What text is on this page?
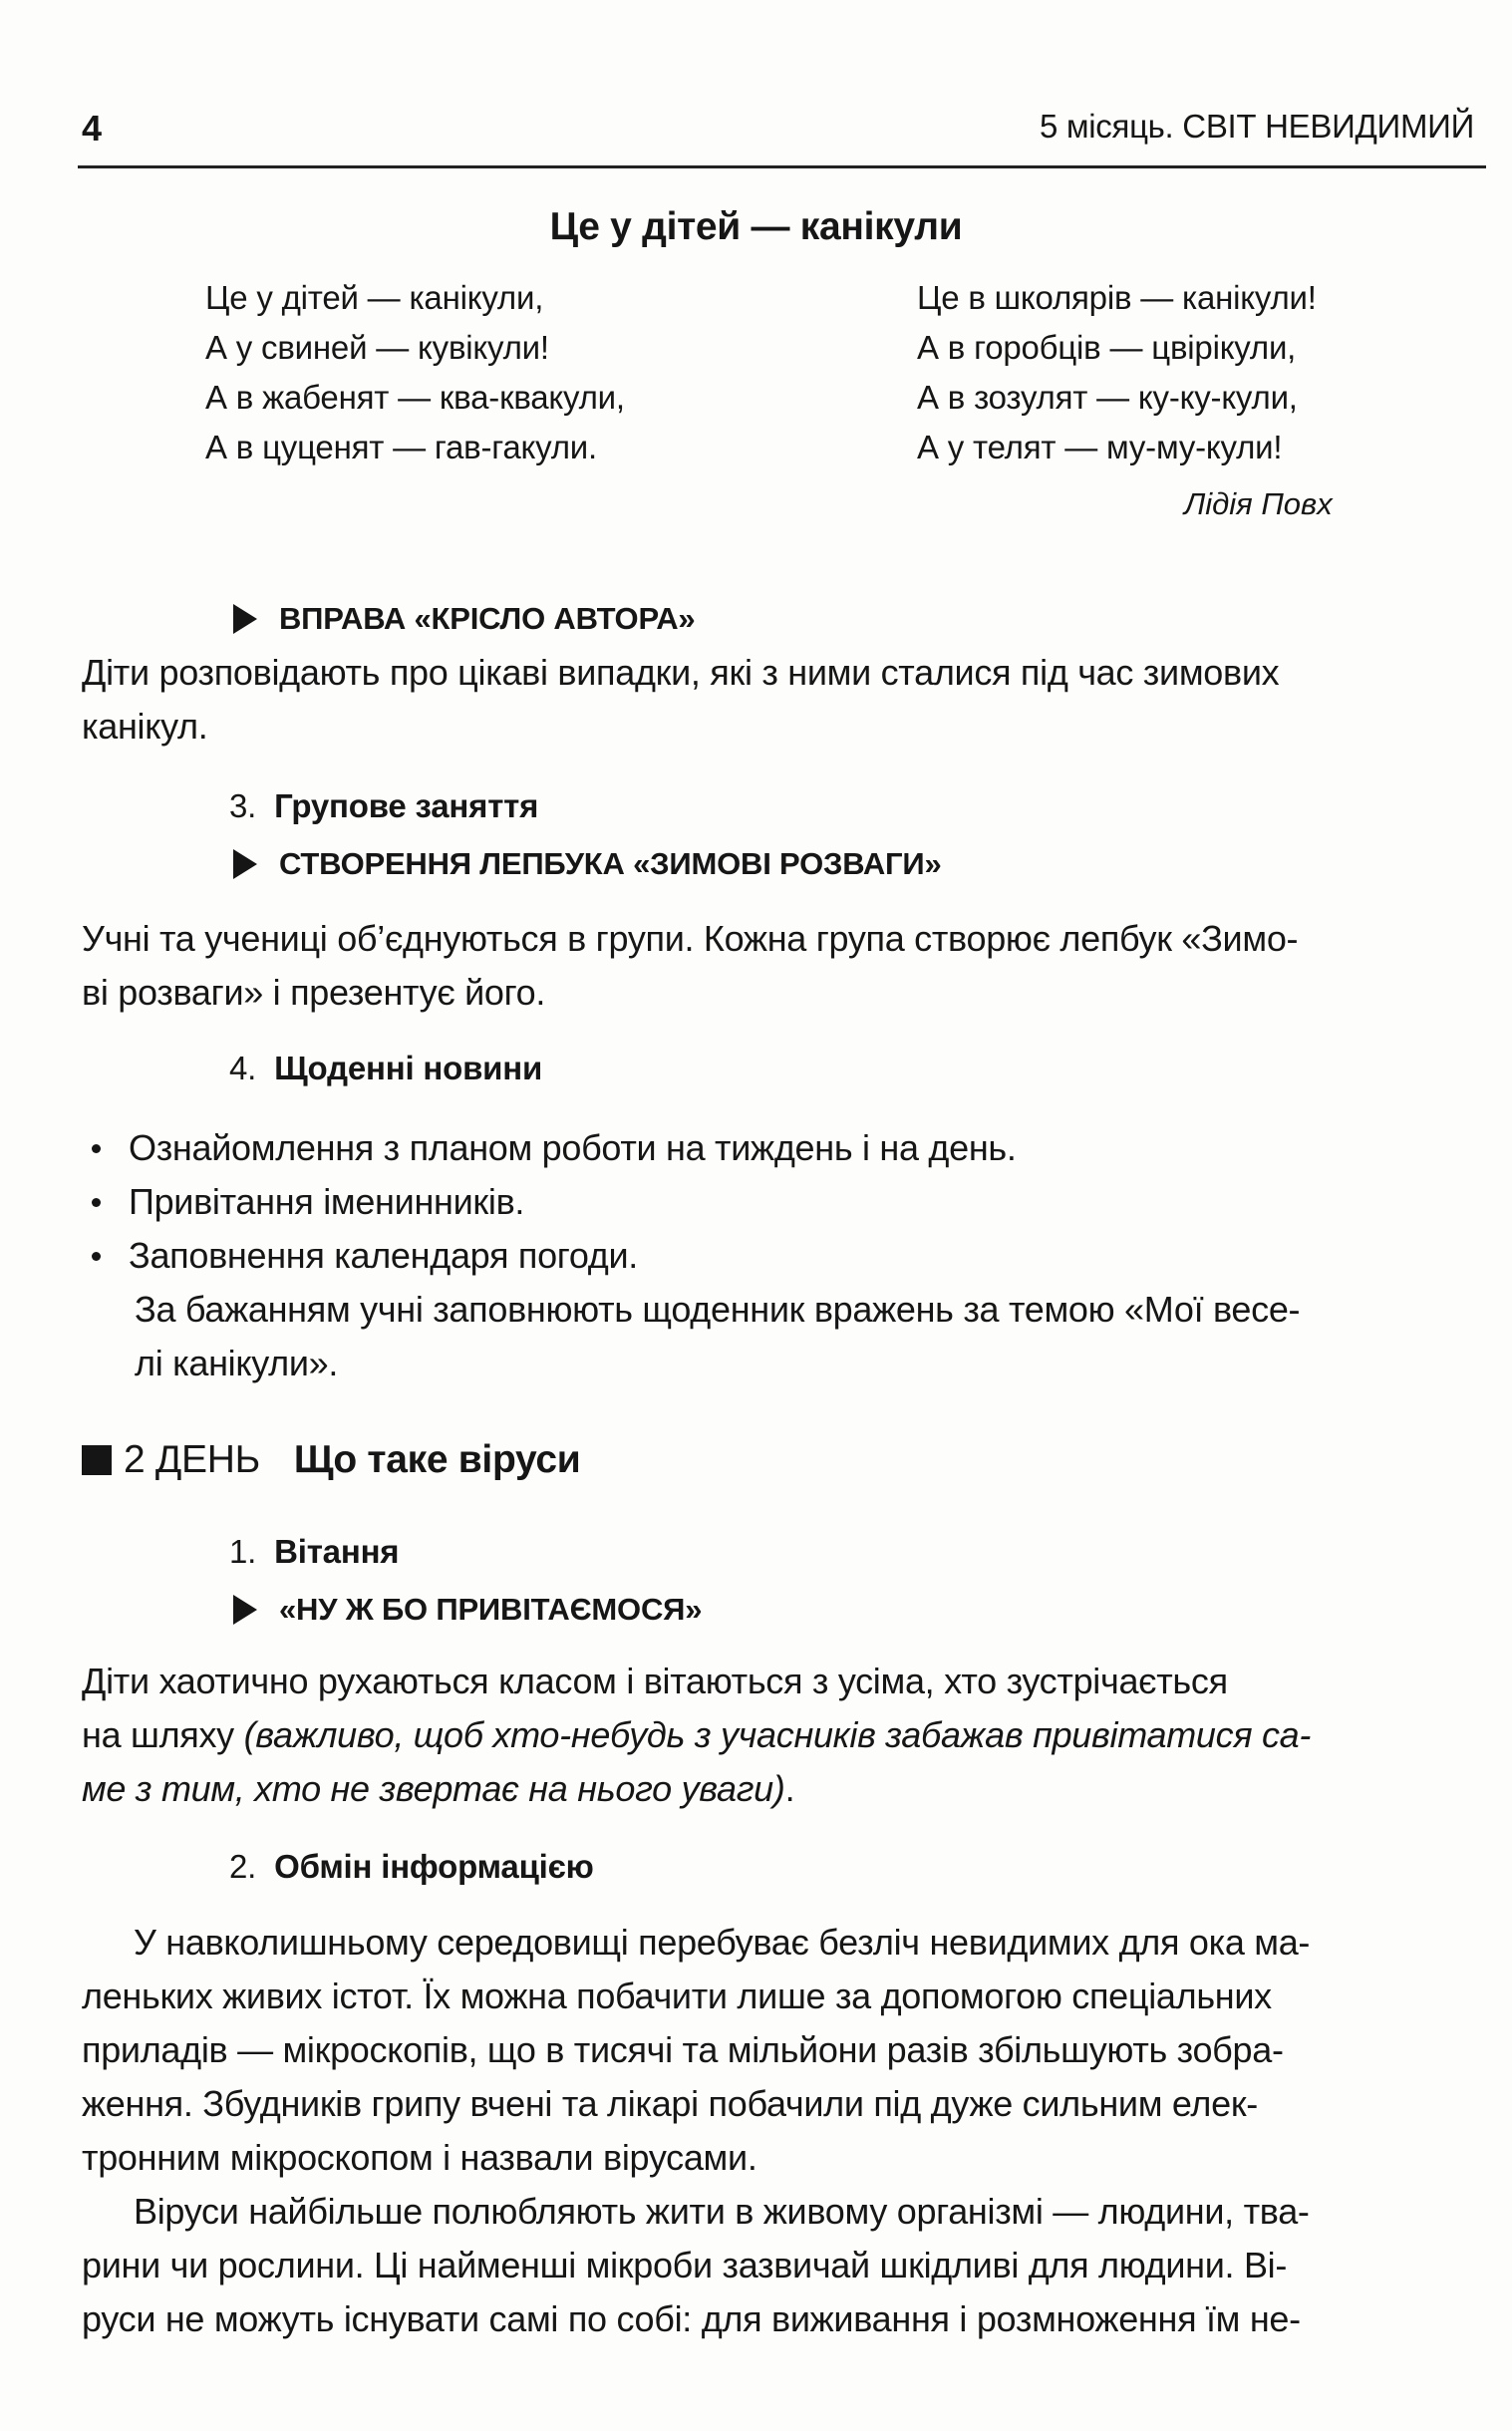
4	5 місяць. СВІТ НЕВИДИМИЙ
Це у дітей — канікули
Це у дітей — канікули,
А у свиней — кувікули!
А в жабенят — ква-квакули,
А в цуценят — гав-гакули.
Це в школярів — канікули!
А в горобців — цвірікули,
А в зозулят — ку-ку-кули,
А у телят — му-му-кули!
Лідія Повх
ВПРАВА «КРІСЛО АВТОРА»
Діти розповідають про цікаві випадки, які з ними сталися під час зимових
канікул.
3. Групове заняття
СТВОРЕННЯ ЛЕПБУКА «ЗИМОВІ РОЗВАГИ»
Учні та учениці об’єднуються в групи. Кожна група створює лепбук «Зимо-
ві розваги» і презентує його.
4. Щоденні новини
Ознайомлення з планом роботи на тиждень і на день.
Привітання іменинників.
Заповнення календаря погоди.
За бажанням учні заповнюють щоденник вражень за темою «Мої весе-
лі канікули».
2 ДЕНЬ Що таке віруси
1. Вітання
«НУ Ж БО ПРИВІТАЄМОСЯ»
Діти хаотично рухаються класом і вітаються з усіма, хто зустрічається
на шляху (важливо, щоб хто-небудь з учасників забажав привітатися са-
ме з тим, хто не звертає на нього уваги).
2. Обмін інформацією
У навколишньому середовищі перебуває безліч невидимих для ока ма-
леньких живих істот. Їх можна побачити лише за допомогою спеціальних
приладів — мікроскопів, що в тисячі та мільйони разів збільшують зобра-
ження. Збудників грипу вчені та лікарі побачили під дуже сильним елек-
тронним мікроскопом і назвали вірусами.
Віруси найбільше полюбляють жити в живому організмі — людини, тва-
рини чи рослини. Ці найменші мікроби зазвичай шкідливі для людини. Ві-
руси не можуть існувати самі по собі: для виживання і розмноження їм не-
